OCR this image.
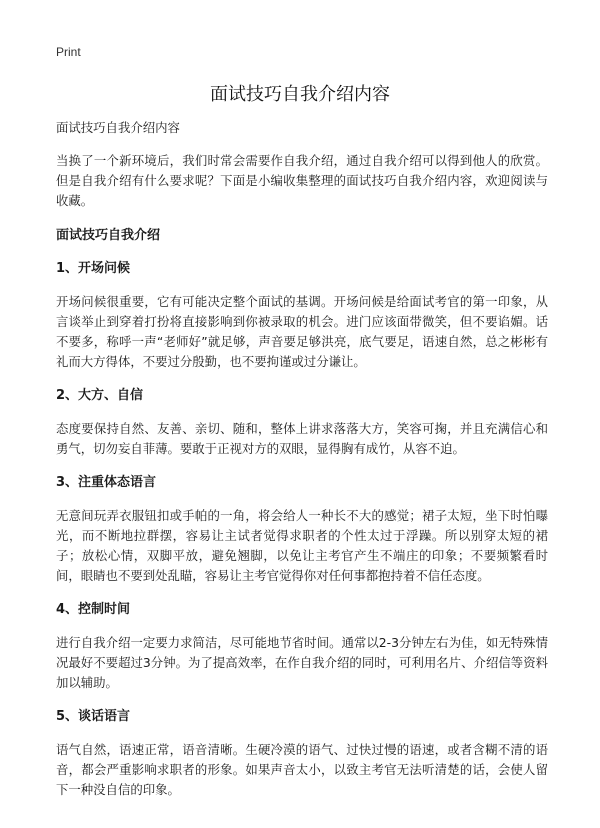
Print
面试技巧自我介绍内容

面试技巧自我介绍内容

当换了一个新环境后，我们时常会需要作自我介绍，通过自我介绍可以得到他人的欣赏。但是自我介绍有什么要求呢？下面是小编收集整理的面试技巧自我介绍内容，欢迎阅读与收藏。

面试技巧自我介绍

1、开场问候

开场问候很重要，它有可能决定整个面试的基调。开场问候是给面试考官的第一印象，从言谈举止到穿着打扮将直接影响到你被录取的机会。进门应该面带微笑，但不要谄媚。话不要多，称呼一声“老师好”就足够，声音要足够洪亮，底气要足，语速自然，总之彬彬有礼而大方得体，不要过分殷勤，也不要拘谨或过分谦让。

2、大方、自信

态度要保持自然、友善、亲切、随和，整体上讲求落落大方，笑容可掬，并且充满信心和勇气，切勿妄自菲薄。要敢于正视对方的双眼，显得胸有成竹，从容不迫。

3、注重体态语言

无意间玩弄衣服钮扣或手帕的一角，将会给人一种长不大的感觉；裙子太短，坐下时怕曝光，而不断地拉群摆，容易让主试者觉得求职者的个性太过于浮躁。所以别穿太短的裙子；放松心情，双脚平放，避免翘脚，以免让主考官产生不端庄的印象；不要频繁看时间，眼睛也不要到处乱瞄，容易让主考官觉得你对任何事都抱持着不信任态度。

4、控制时间

进行自我介绍一定要力求简洁，尽可能地节省时间。通常以2-3分钟左右为佳，如无特殊情况最好不要超过3分钟。为了提高效率，在作自我介绍的同时，可利用名片、介绍信等资料加以辅助。

5、谈话语言

语气自然，语速正常，语音清晰。生硬冷漠的语气、过快过慢的语速，或者含糊不清的语音，都会严重影响求职者的形象。如果声音太小，以致主考官无法听清楚的话，会使人留下一种没自信的印象。
